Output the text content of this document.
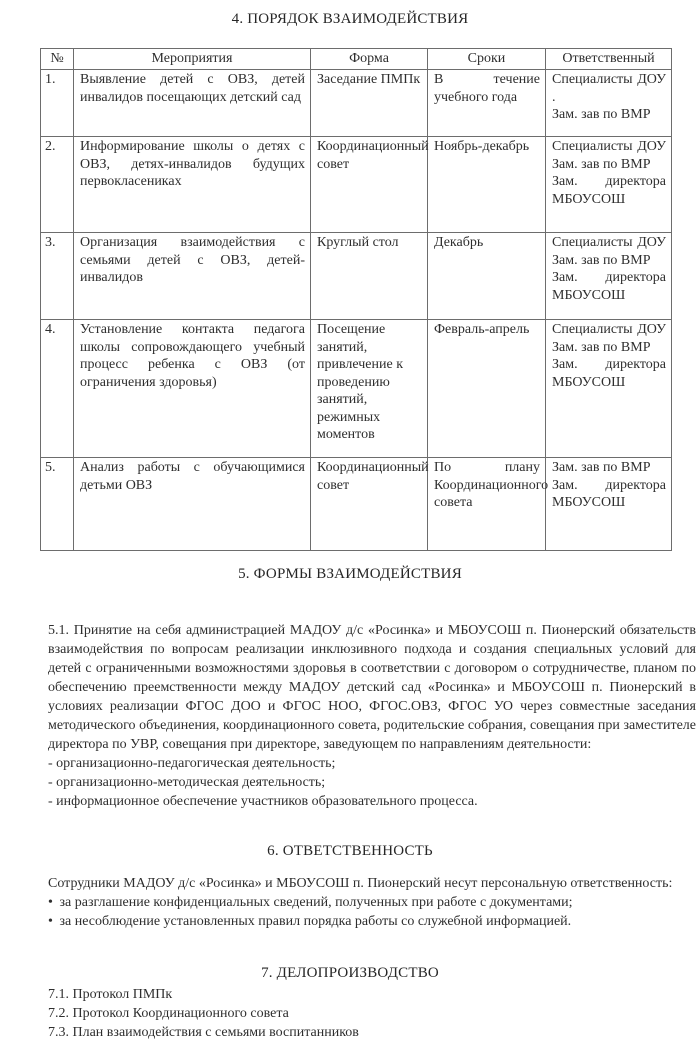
4. ПОРЯДОК ВЗАИМОДЕЙСТВИЯ
№	Мероприятия	Форма	Сроки	Ответственный
1.	Выявление детей с ОВЗ, детей инвалидов посещающих детский сад	Заседание ПМПк	В течение учебного года	Специалисты ДОУ .
Зам. зав по ВМР

2.	Информирование школы о детях с ОВЗ, детях-инвалидов будущих первокласениках	Координационный совет	Ноябрь-декабрь	Специалисты ДОУ Зам. зав по ВМР
Зам. директора МБОУСОШ

3.	Организация взаимодействия с семьями детей с ОВЗ, детей-инвалидов	Круглый стол	Декабрь	Специалисты ДОУ Зам. зав по ВМР
Зам. директора МБОУСОШ

4.	Установление контакта педагога школы сопровождающего учебный процесс ребенка с ОВЗ (от ограничения здоровья)	Посещение занятий, привлечение к проведению занятий, режимных моментов	Февраль-апрель	Специалисты ДОУ Зам. зав по ВМР
Зам. директора МБОУСОШ

5.	Анализ работы с обучающимися детьми ОВЗ	Координационный совет	По плану Координационного совета	Зам. зав по ВМР
Зам. директора МБОУСОШ
5. ФОРМЫ ВЗАИМОДЕЙСТВИЯ
5.1. Принятие на себя администрацией МАДОУ д/с «Росинка» и МБОУСОШ п. Пионерский обязательств взаимодействия по вопросам реализации инклюзивного подхода и создания специальных условий для детей с ограниченными возможностями здоровья в соответствии с договором о сотрудничестве, планом по обеспечению преемственности между МАДОУ детский сад «Росинка» и МБОУСОШ п. Пионерский в условиях реализации ФГОС ДОО и ФГОС НОО, ФГОС.ОВЗ, ФГОС УО через совместные заседания методического объединения, координационного совета, родительские собрания, совещания при заместителе директора по УВР, совещания при директоре, заведующем по направлениям деятельности:
- организационно-педагогическая деятельность;
- организационно-методическая деятельность;
- информационное обеспечение участников образовательного процесса.
6. ОТВЕТСТВЕННОСТЬ
Сотрудники МАДОУ д/с «Росинка» и МБОУСОШ п. Пионерский несут персональную ответственность:
• за разглашение конфиденциальных сведений, полученных при работе с документами;
• за несоблюдение установленных правил порядка работы со служебной информацией.
7. ДЕЛОПРОИЗВОДСТВО
7.1. Протокол ПМПк
7.2. Протокол Координационного совета
7.3. План взаимодействия с семьями воспитанников
